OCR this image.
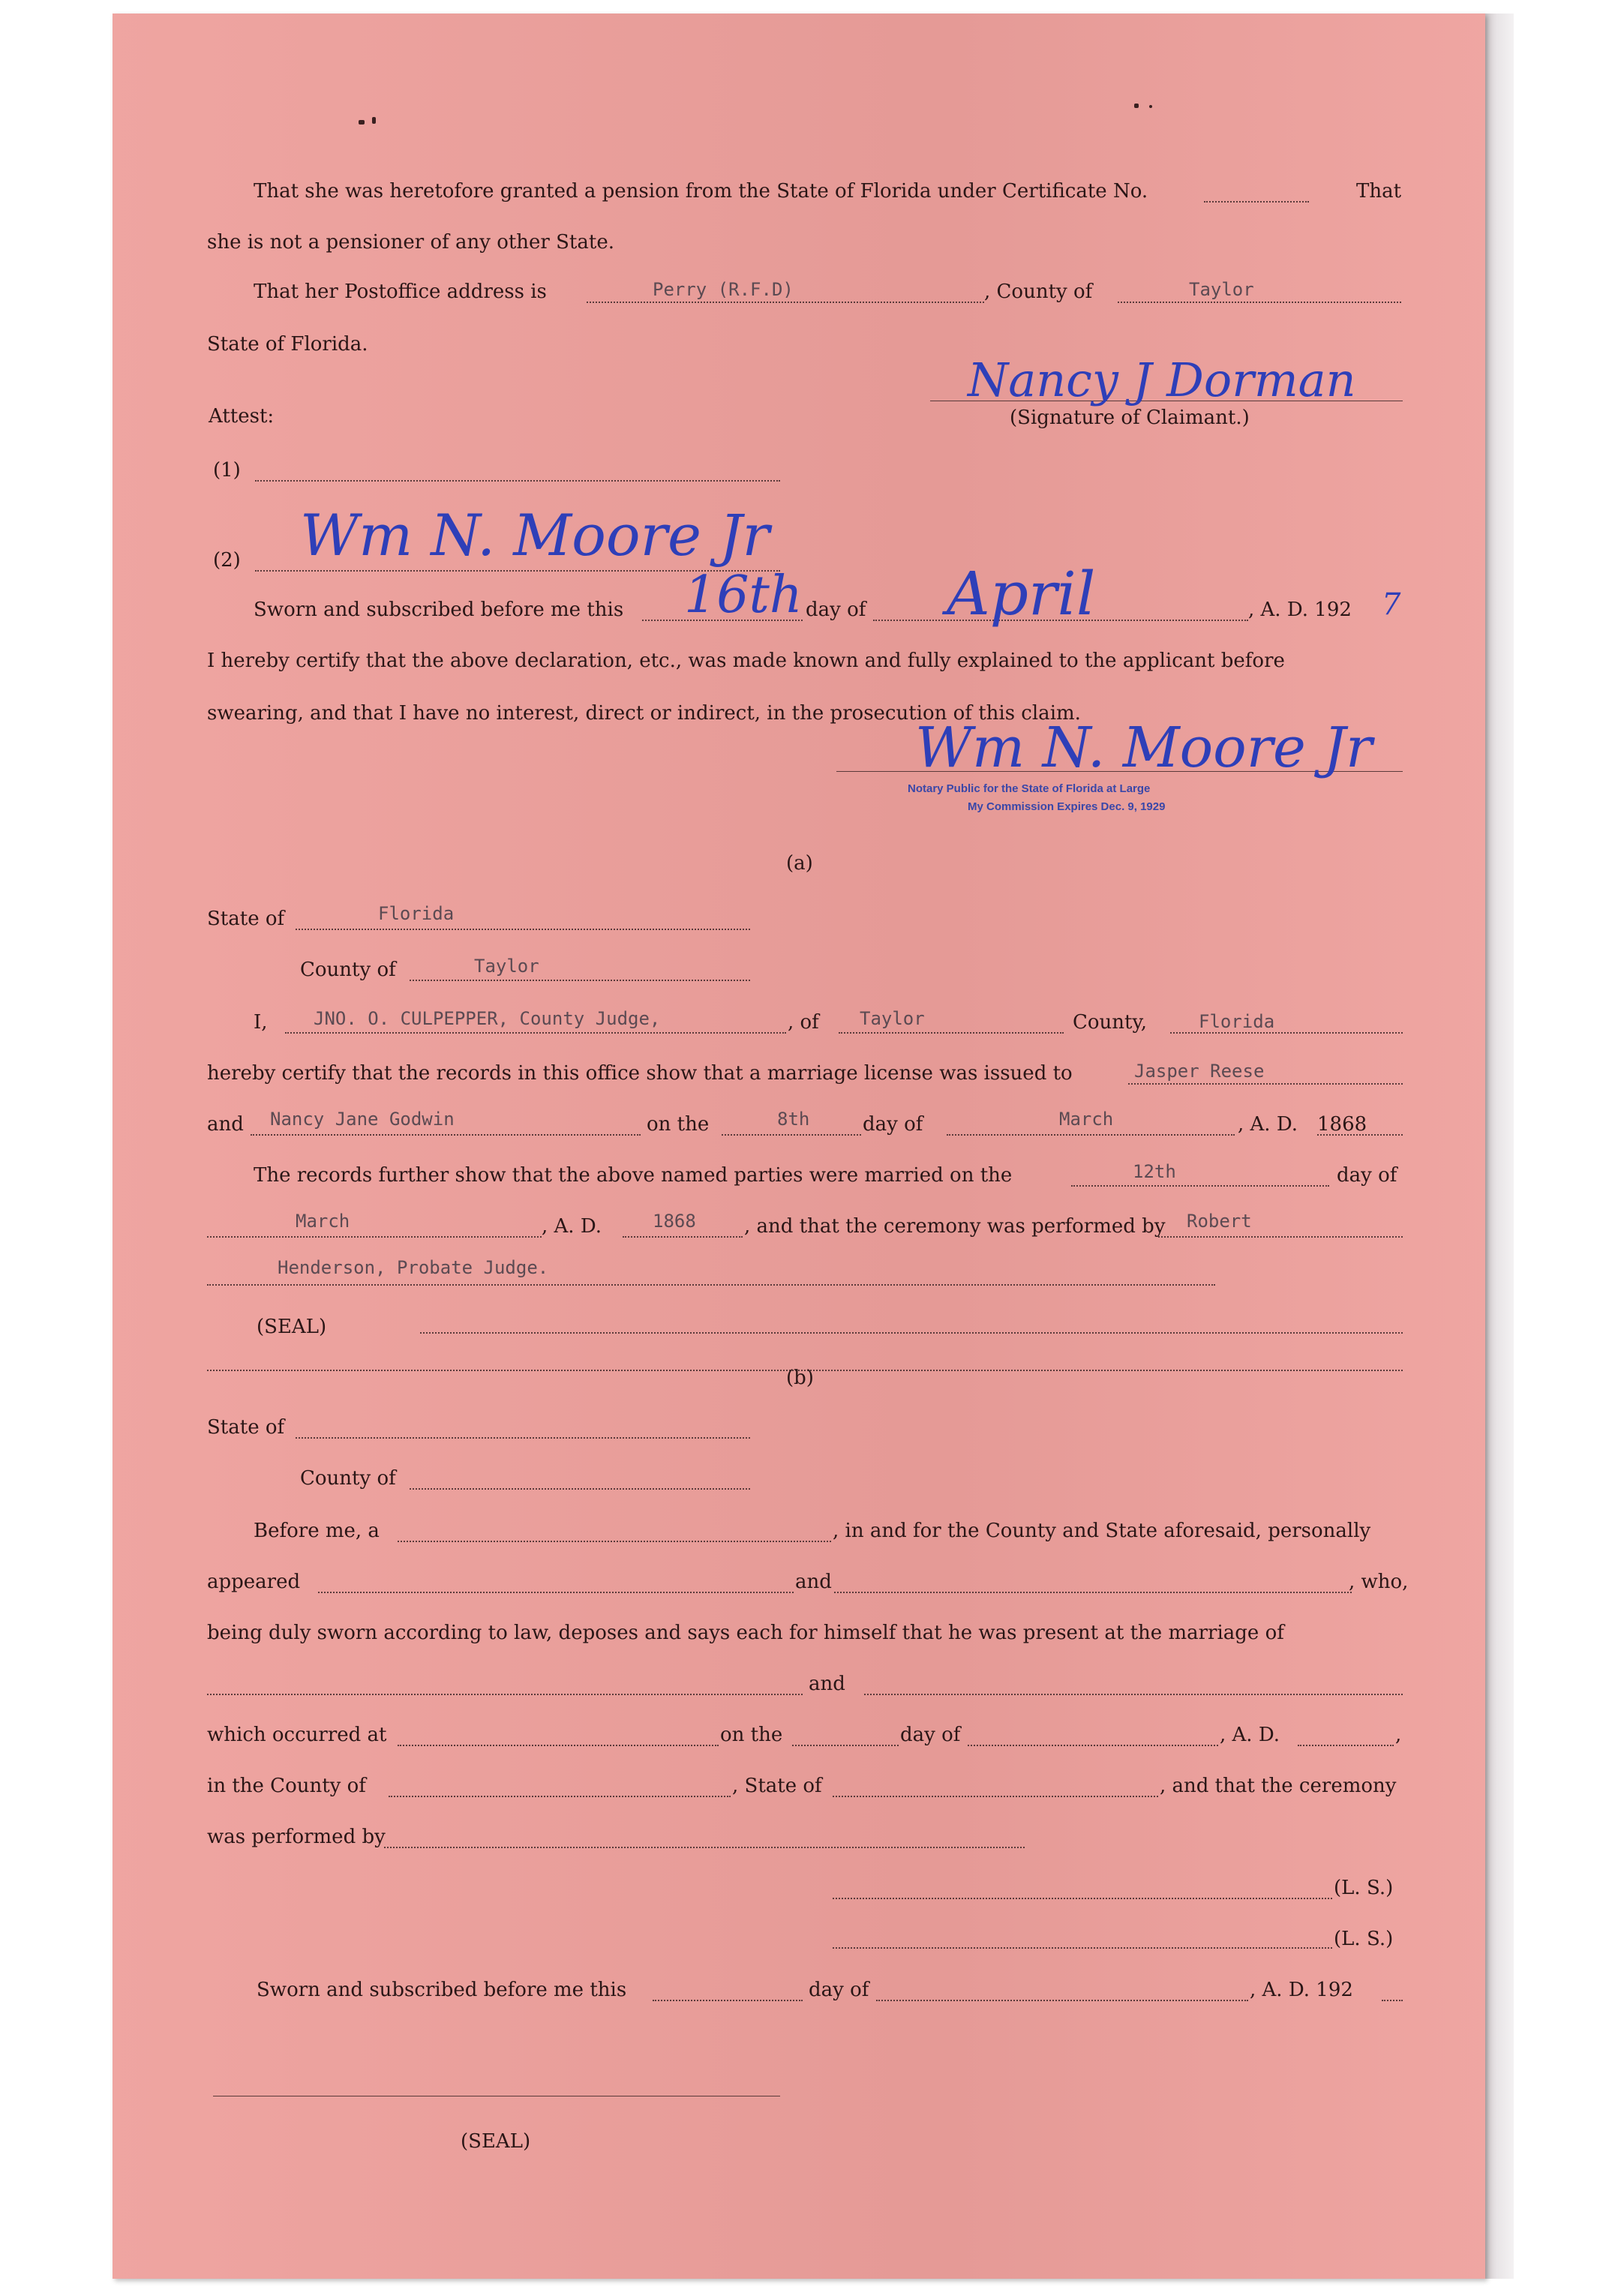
That she was heretofore granted a pension from the State of Florida under Certificate No.	That
she is not a pensioner of any other State.
That her Postoffice address is	Perry (R.F.D)	, County of	Taylor
State of Florida.
Nancy J Dorman
Attest:	(Signature of Claimant.)
(1)
(2) Wm N. Moore Jr
Sworn and subscribed before me this 16th day of April	, A. D. 192 7
I hereby certify that the above declaration, etc., was made known and fully explained to the applicant before
swearing, and that I have no interest, direct or indirect, in the prosecution of this claim.
Wm N. Moore Jr
Notary Public for the State of Florida at Large
My Commission Expires Dec. 9, 1929
(a)
State of	Florida
County of	Taylor
I,	JNO. O. CULPEPPER, County Judge,	, of Taylor	County,	Florida
hereby certify that the records in this office show that a marriage license was issued to	Jasper Reese
and Nancy Jane Godwin	on the	8th	day of	March	, A. D. 1868
The records further show that the above named parties were married on the	12th	day of
March	, A. D.	1868 , and that the ceremony was performed by Robert
Henderson, Probate Judge.
(SEAL)
(b)
State of
County of
Before me, a	, in and for the County and State aforesaid, personally
appeared	and	, who,
being duly sworn according to law, deposes and says each for himself that he was present at the marriage of
and
which occurred at	on the	day of	, A. D.	,
in the County of	, State of	, and that the ceremony
was performed by
(L. S.)
(L. S.)
Sworn and subscribed before me this	day of	, A. D. 192
(SEAL)
